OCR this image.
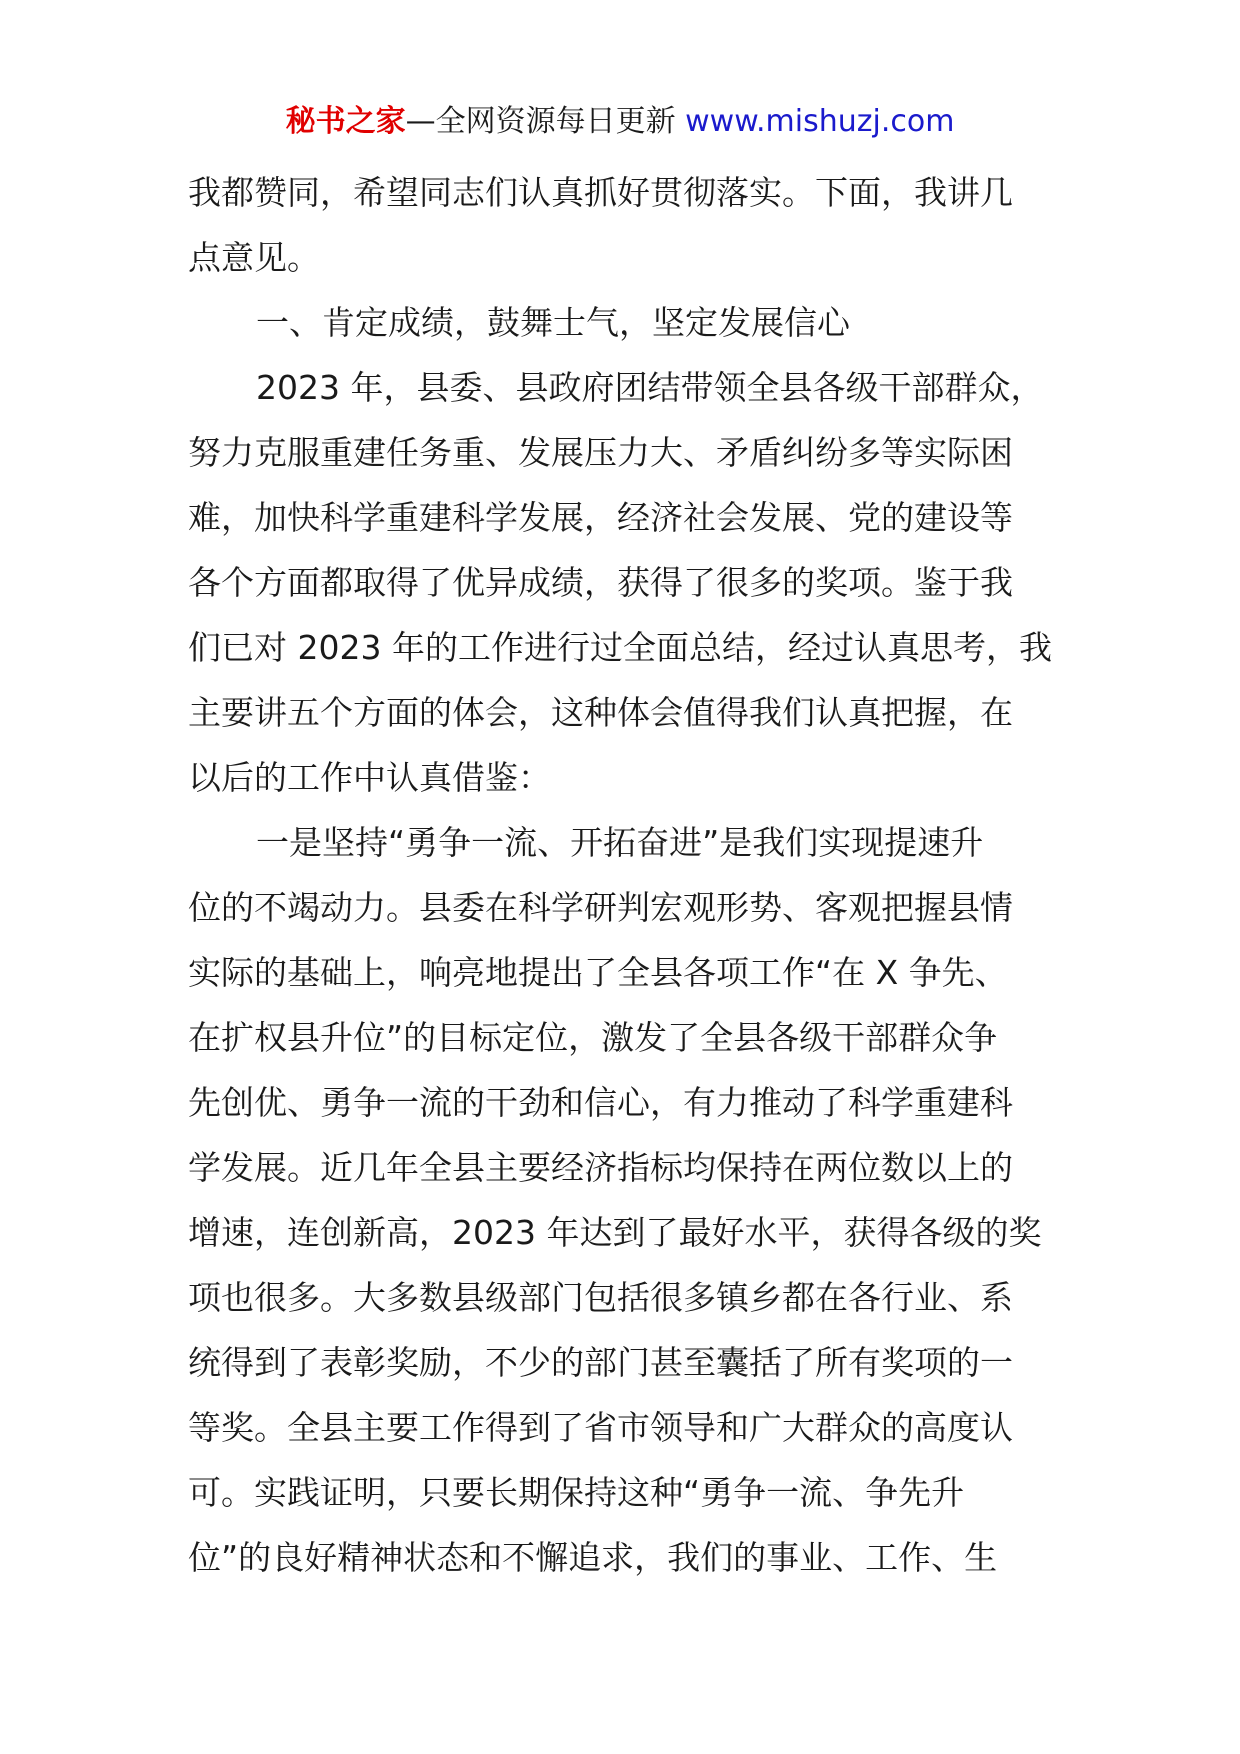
秘书之家—全网资源每日更新 www.mishuzj.com
我都赞同，希望同志们认真抓好贯彻落实。下面，我讲几
点意见。
一、肯定成绩，鼓舞士气，坚定发展信心
2023 年，县委、县政府团结带领全县各级干部群众，
努力克服重建任务重、发展压力大、矛盾纠纷多等实际困
难，加快科学重建科学发展，经济社会发展、党的建设等
各个方面都取得了优异成绩，获得了很多的奖项。鉴于我
们已对 2023 年的工作进行过全面总结，经过认真思考，我
主要讲五个方面的体会，这种体会值得我们认真把握，在
以后的工作中认真借鉴：
一是坚持“勇争一流、开拓奋进”是我们实现提速升
位的不竭动力。县委在科学研判宏观形势、客观把握县情
实际的基础上，响亮地提出了全县各项工作“在 X 争先、
在扩权县升位”的目标定位，激发了全县各级干部群众争
先创优、勇争一流的干劲和信心，有力推动了科学重建科
学发展。近几年全县主要经济指标均保持在两位数以上的
增速，连创新高，2023 年达到了最好水平，获得各级的奖
项也很多。大多数县级部门包括很多镇乡都在各行业、系
统得到了表彰奖励，不少的部门甚至囊括了所有奖项的一
等奖。全县主要工作得到了省市领导和广大群众的高度认
可。实践证明，只要长期保持这种“勇争一流、争先升
位”的良好精神状态和不懈追求，我们的事业、工作、生
